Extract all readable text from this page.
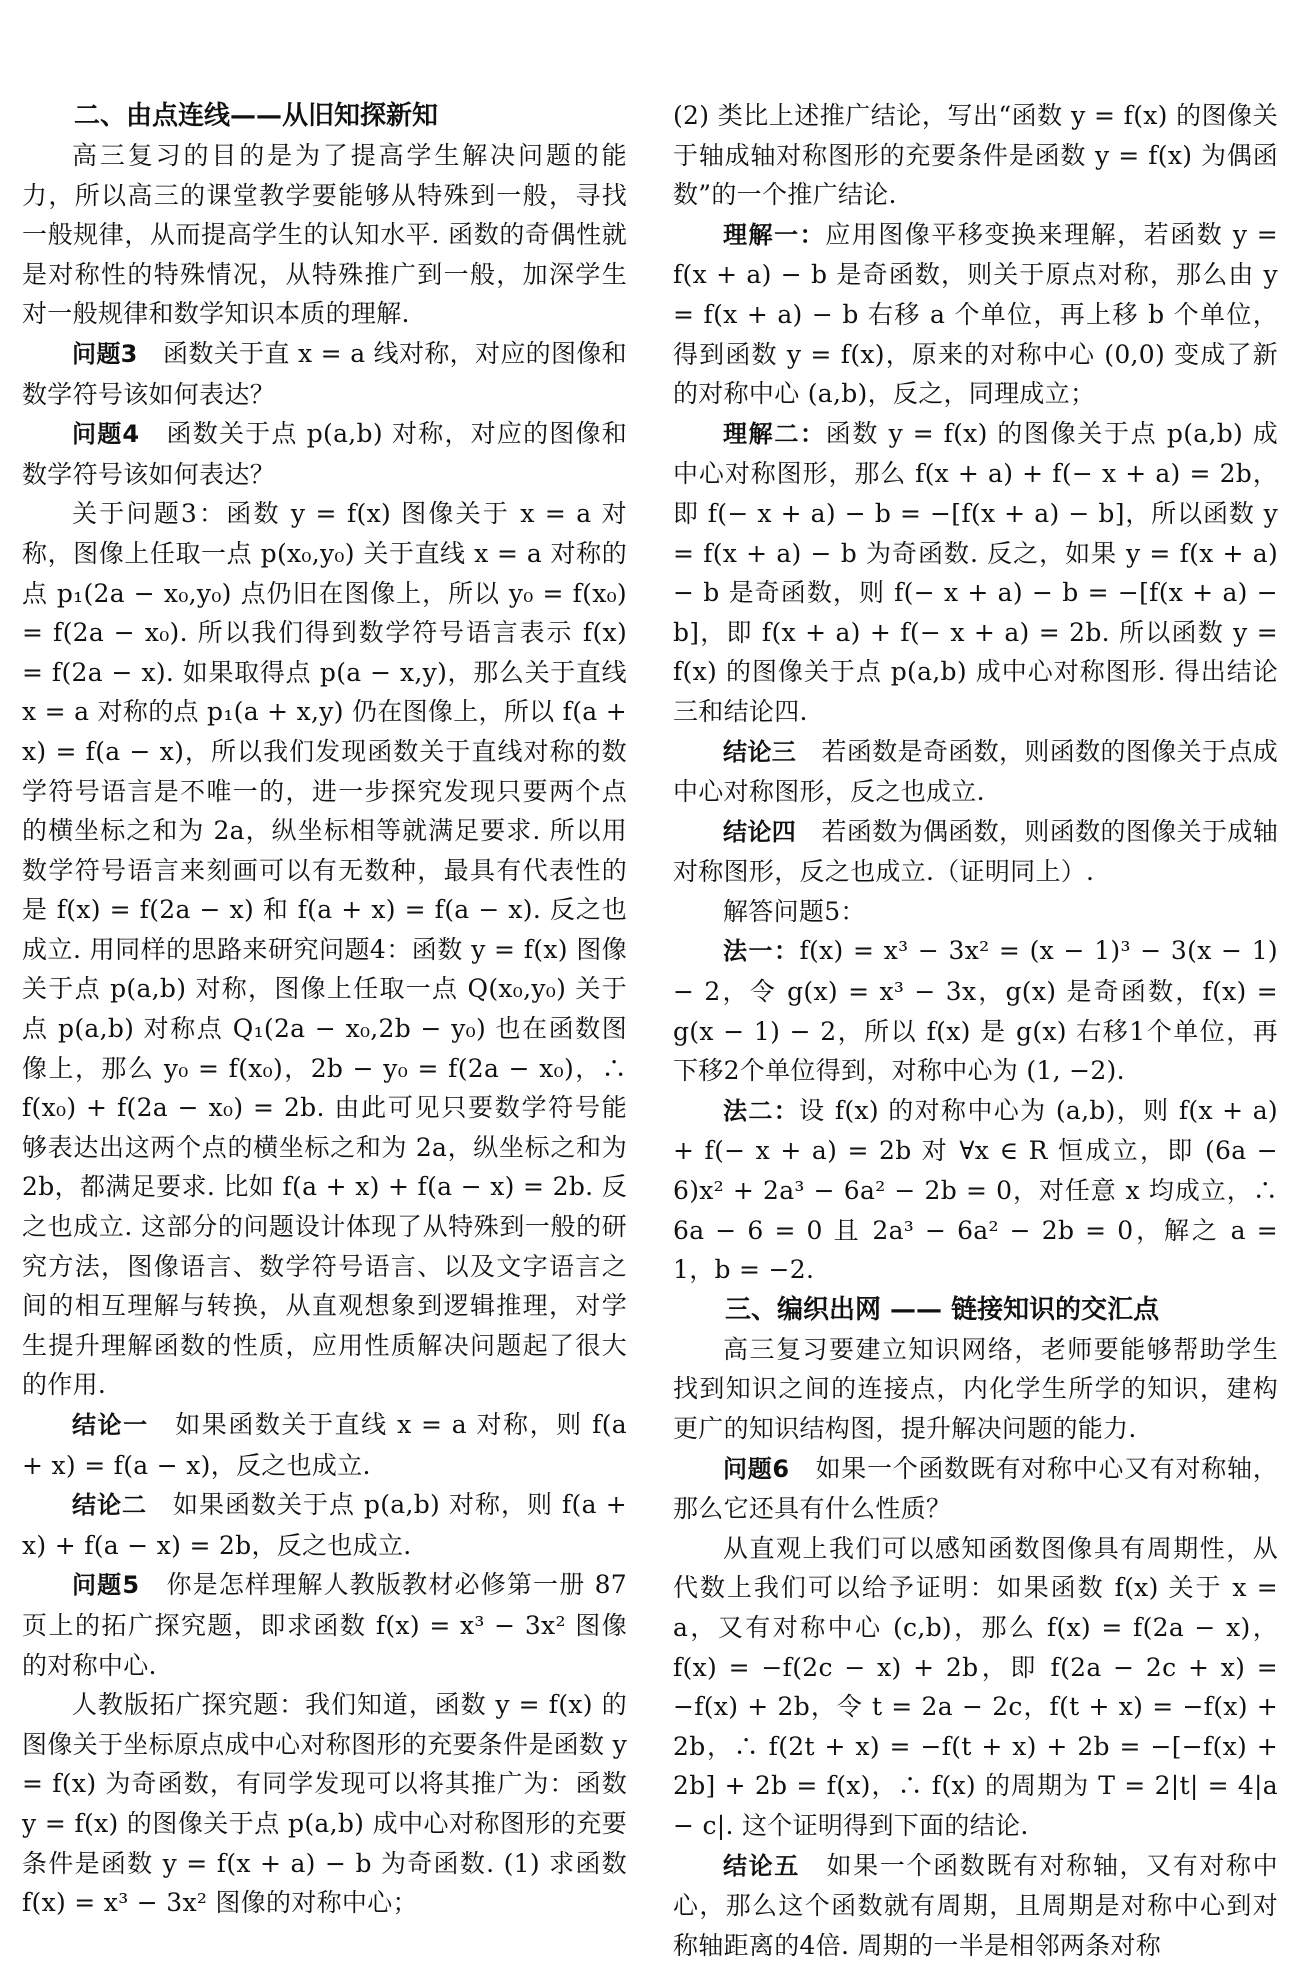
二、由点连线——从旧知探新知

高三复习的目的是为了提高学生解决问题的能力，所以高三的课堂教学要能够从特殊到一般，寻找一般规律，从而提高学生的认知水平. 函数的奇偶性就是对称性的特殊情况，从特殊推广到一般，加深学生对一般规律和数学知识本质的理解.

问题3　 函数关于直 x = a 线对称，对应的图像和数学符号该如何表达？

问题4　 函数关于点 p(a,b) 对称，对应的图像和数学符号该如何表达？

关于问题3：函数 y = f(x) 图像关于 x = a 对称，图像上任取一点 p(x₀,y₀) 关于直线 x = a 对称的点 p₁(2a − x₀,y₀) 点仍旧在图像上，所以 y₀ = f(x₀) = f(2a − x₀). 所以我们得到数学符号语言表示 f(x) = f(2a − x). 如果取得点 p(a − x,y)，那么关于直线 x = a 对称的点 p₁(a + x,y) 仍在图像上，所以 f(a + x) = f(a − x)，所以我们发现函数关于直线对称的数学符号语言是不唯一的，进一步探究发现只要两个点的横坐标之和为 2a，纵坐标相等就满足要求. 所以用数学符号语言来刻画可以有无数种，最具有代表性的是 f(x) = f(2a − x) 和 f(a + x) = f(a − x). 反之也成立. 用同样的思路来研究问题4：函数 y = f(x) 图像关于点 p(a,b) 对称，图像上任取一点 Q(x₀,y₀) 关于点 p(a,b) 对称点 Q₁(2a − x₀,2b − y₀) 也在函数图像上，那么 y₀ = f(x₀)，2b − y₀ = f(2a − x₀)，∴ f(x₀) + f(2a − x₀) = 2b. 由此可见只要数学符号能够表达出这两个点的横坐标之和为 2a，纵坐标之和为 2b，都满足要求. 比如 f(a + x) + f(a − x) = 2b. 反之也成立. 这部分的问题设计体现了从特殊到一般的研究方法，图像语言、数学符号语言、以及文字语言之间的相互理解与转换，从直观想象到逻辑推理，对学生提升理解函数的性质，应用性质解决问题起了很大的作用.

结论一　 如果函数关于直线 x = a 对称，则 f(a + x) = f(a − x)，反之也成立.

结论二　 如果函数关于点 p(a,b) 对称，则 f(a + x) + f(a − x) = 2b，反之也成立.

问题5　 你是怎样理解人教版教材必修第一册 87 页上的拓广探究题，即求函数 f(x) = x³ − 3x² 图像的对称中心.

人教版拓广探究题：我们知道，函数 y = f(x) 的图像关于坐标原点成中心对称图形的充要条件是函数 y = f(x) 为奇函数，有同学发现可以将其推广为：函数 y = f(x) 的图像关于点 p(a,b) 成中心对称图形的充要条件是函数 y = f(x + a) − b 为奇函数. (1) 求函数 f(x) = x³ − 3x² 图像的对称中心；

(2) 类比上述推广结论，写出“函数 y = f(x) 的图像关于轴成轴对称图形的充要条件是函数 y = f(x) 为偶函数”的一个推广结论.

理解一：应用图像平移变换来理解，若函数 y = f(x + a) − b 是奇函数，则关于原点对称，那么由 y = f(x + a) − b 右移 a 个单位，再上移 b 个单位，得到函数 y = f(x)，原来的对称中心 (0,0) 变成了新的对称中心 (a,b)，反之，同理成立；

理解二：函数 y = f(x) 的图像关于点 p(a,b) 成中心对称图形，那么 f(x + a) + f(− x + a) = 2b，即 f(− x + a) − b = −[f(x + a) − b]，所以函数 y = f(x + a) − b 为奇函数. 反之，如果 y = f(x + a) − b 是奇函数，则 f(− x + a) − b = −[f(x + a) − b]，即 f(x + a) + f(− x + a) = 2b. 所以函数 y = f(x) 的图像关于点 p(a,b) 成中心对称图形. 得出结论三和结论四.

结论三　 若函数是奇函数，则函数的图像关于点成中心对称图形，反之也成立.

结论四　 若函数为偶函数，则函数的图像关于成轴对称图形，反之也成立.（证明同上）.

解答问题5：

法一：f(x) = x³ − 3x² = (x − 1)³ − 3(x − 1) − 2，令 g(x) = x³ − 3x，g(x) 是奇函数，f(x) = g(x − 1) − 2，所以 f(x) 是 g(x) 右移1个单位，再下移2个单位得到，对称中心为 (1, −2).

法二：设 f(x) 的对称中心为 (a,b)，则 f(x + a) + f(− x + a) = 2b 对 ∀x ∈ R 恒成立，即 (6a − 6)x² + 2a³ − 6a² − 2b = 0，对任意 x 均成立，∴ 6a − 6 = 0 且 2a³ − 6a² − 2b = 0，解之 a = 1，b = −2.

三、编织出网 —— 链接知识的交汇点

高三复习要建立知识网络，老师要能够帮助学生找到知识之间的连接点，内化学生所学的知识，建构更广的知识结构图，提升解决问题的能力.

问题6　 如果一个函数既有对称中心又有对称轴，那么它还具有什么性质？

从直观上我们可以感知函数图像具有周期性，从代数上我们可以给予证明：如果函数 f(x) 关于 x = a，又有对称中心 (c,b)，那么 f(x) = f(2a − x)，f(x) = −f(2c − x) + 2b，即 f(2a − 2c + x) = −f(x) + 2b，令 t = 2a − 2c，f(t + x) = −f(x) + 2b，∴ f(2t + x) = −f(t + x) + 2b = −[−f(x) + 2b] + 2b = f(x)，∴ f(x) 的周期为 T = 2|t| = 4|a − c|. 这个证明得到下面的结论.

结论五　 如果一个函数既有对称轴，又有对称中心，那么这个函数就有周期，且周期是对称中心到对称轴距离的4倍. 周期的一半是相邻两条对称
